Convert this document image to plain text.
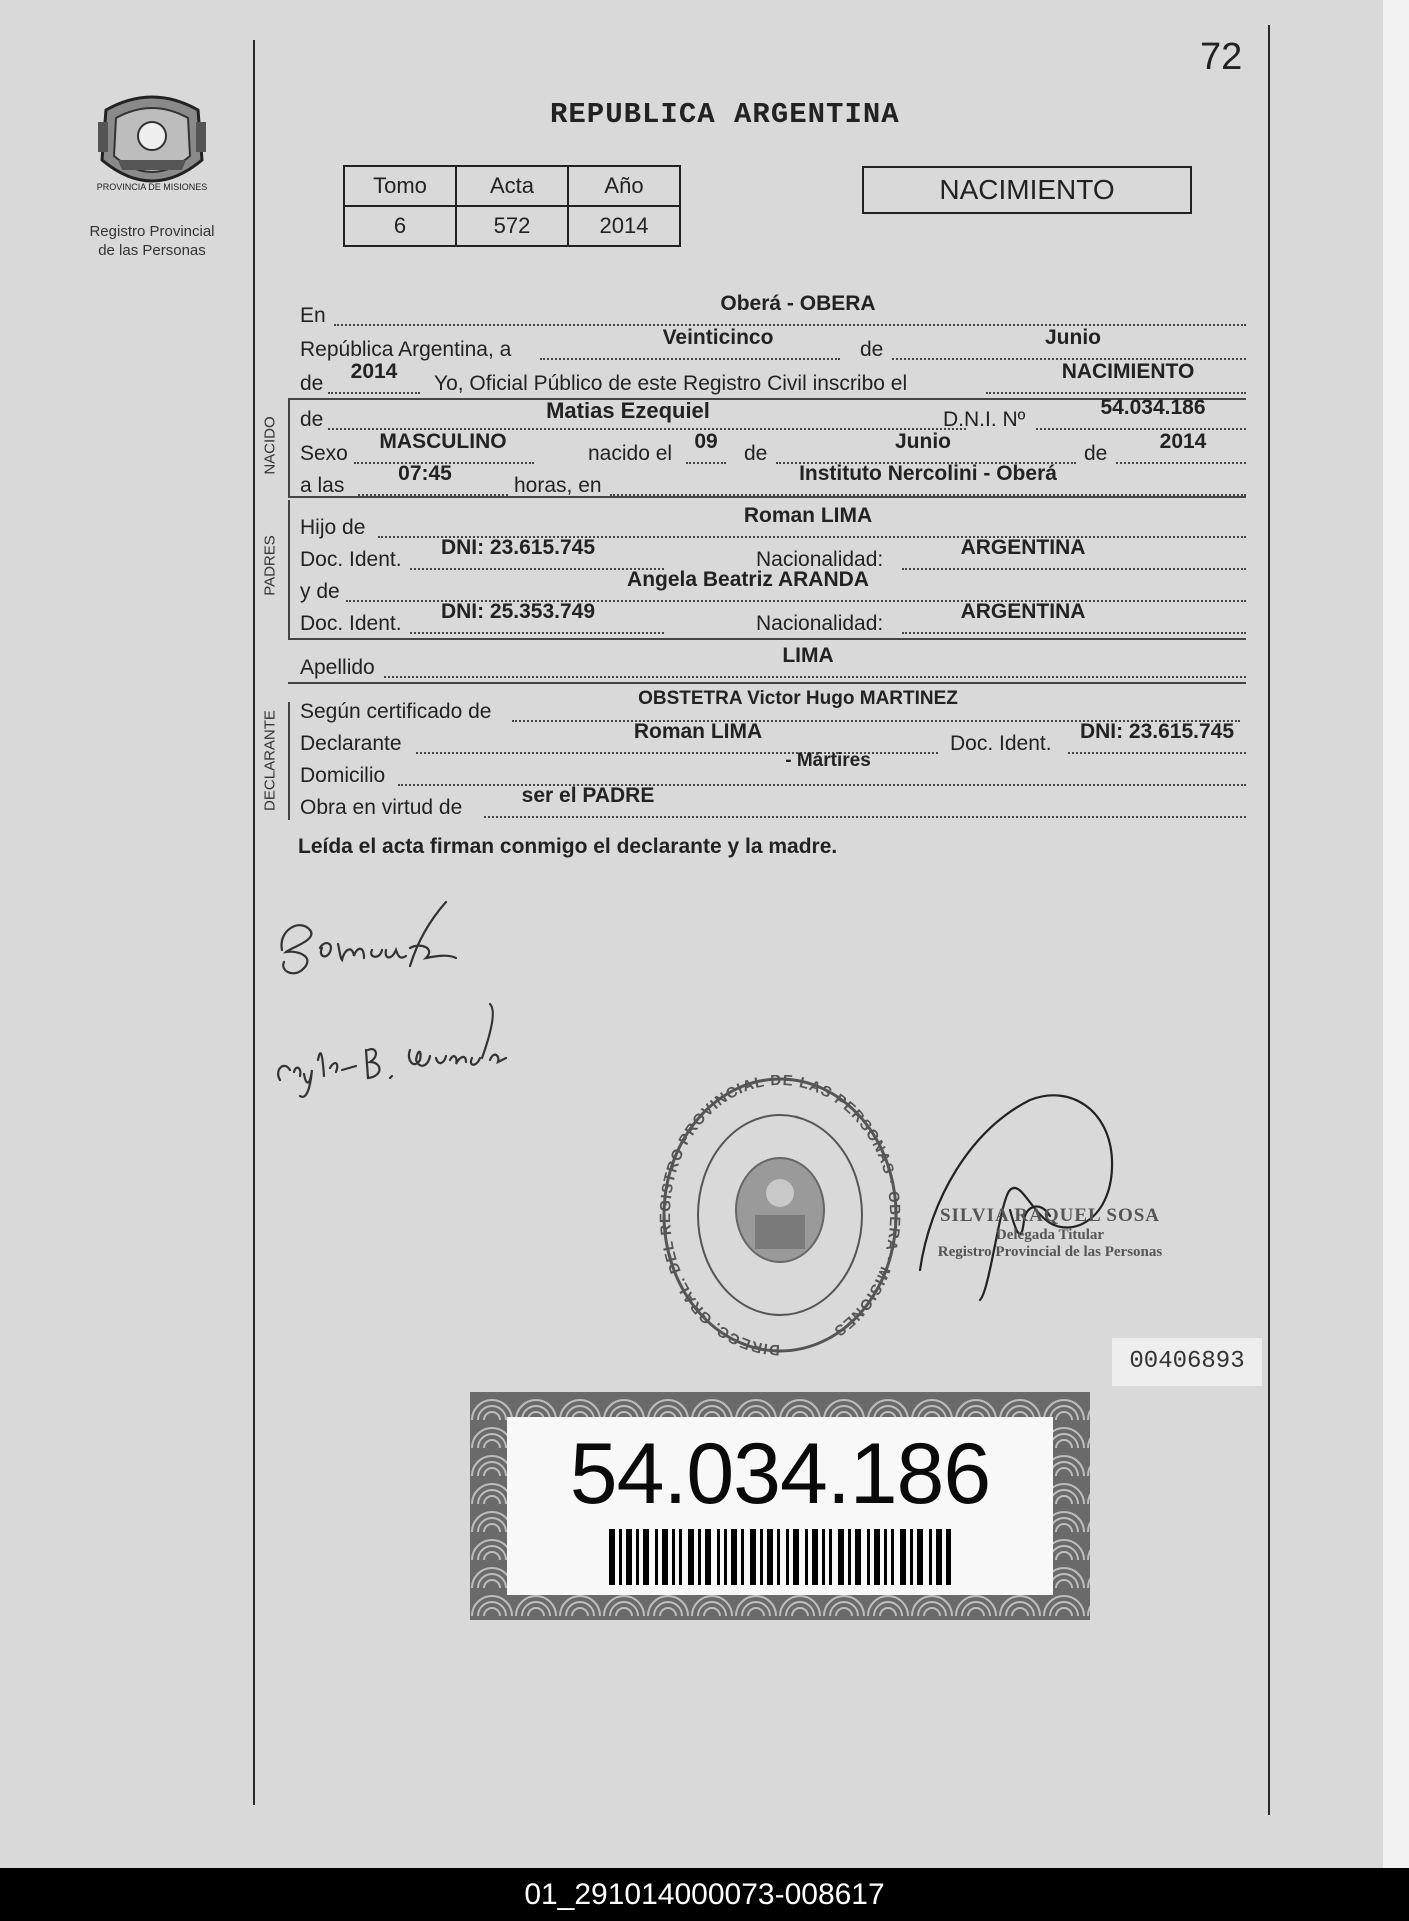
72
PROVINCIA DE MISIONES
Registro Provincial
de las Personas
REPUBLICA ARGENTINA
Tomo	Acta	Año
6	572	2014
NACIMIENTO
En
Oberá - OBERA
República Argentina, a
Veinticinco
de
Junio
de
2014
Yo, Oficial Público de este Registro Civil inscribo el
NACIMIENTO
NACIDO de	Matias Ezequiel	D.N.I. Nº
54.034.186
Sexo
MASCULINO
nacido el
09
de
Junio
de
2014
a las
07:45
horas, en
Instituto Nercolini - Oberá
PADRES
Hijo de
Roman LIMA
Doc. Ident.
DNI: 23.615.745
Nacionalidad:
ARGENTINA
y de
Angela Beatriz ARANDA
Doc. Ident.
DNI: 25.353.749
Nacionalidad:
ARGENTINA
Apellido
LIMA
DECLARANTE Según certificado de
OBSTETRA Victor Hugo MARTINEZ
Declarante
Roman LIMA
Doc. Ident.
DNI: 23.615.745
Domicilio
- Mártires
Obra en virtud de
ser el PADRE
Leída el acta firman conmigo el declarante y la madre.
DIRECC. GRAL. DEL REGISTRO PROVINCIAL DE LAS PERSONAS · OBERA · MISIONES
SILVIA RAQUEL SOSA
Delegada Titular
Registro Provincial de las Personas
00406893
54.034.186
01_291014000073-008617
